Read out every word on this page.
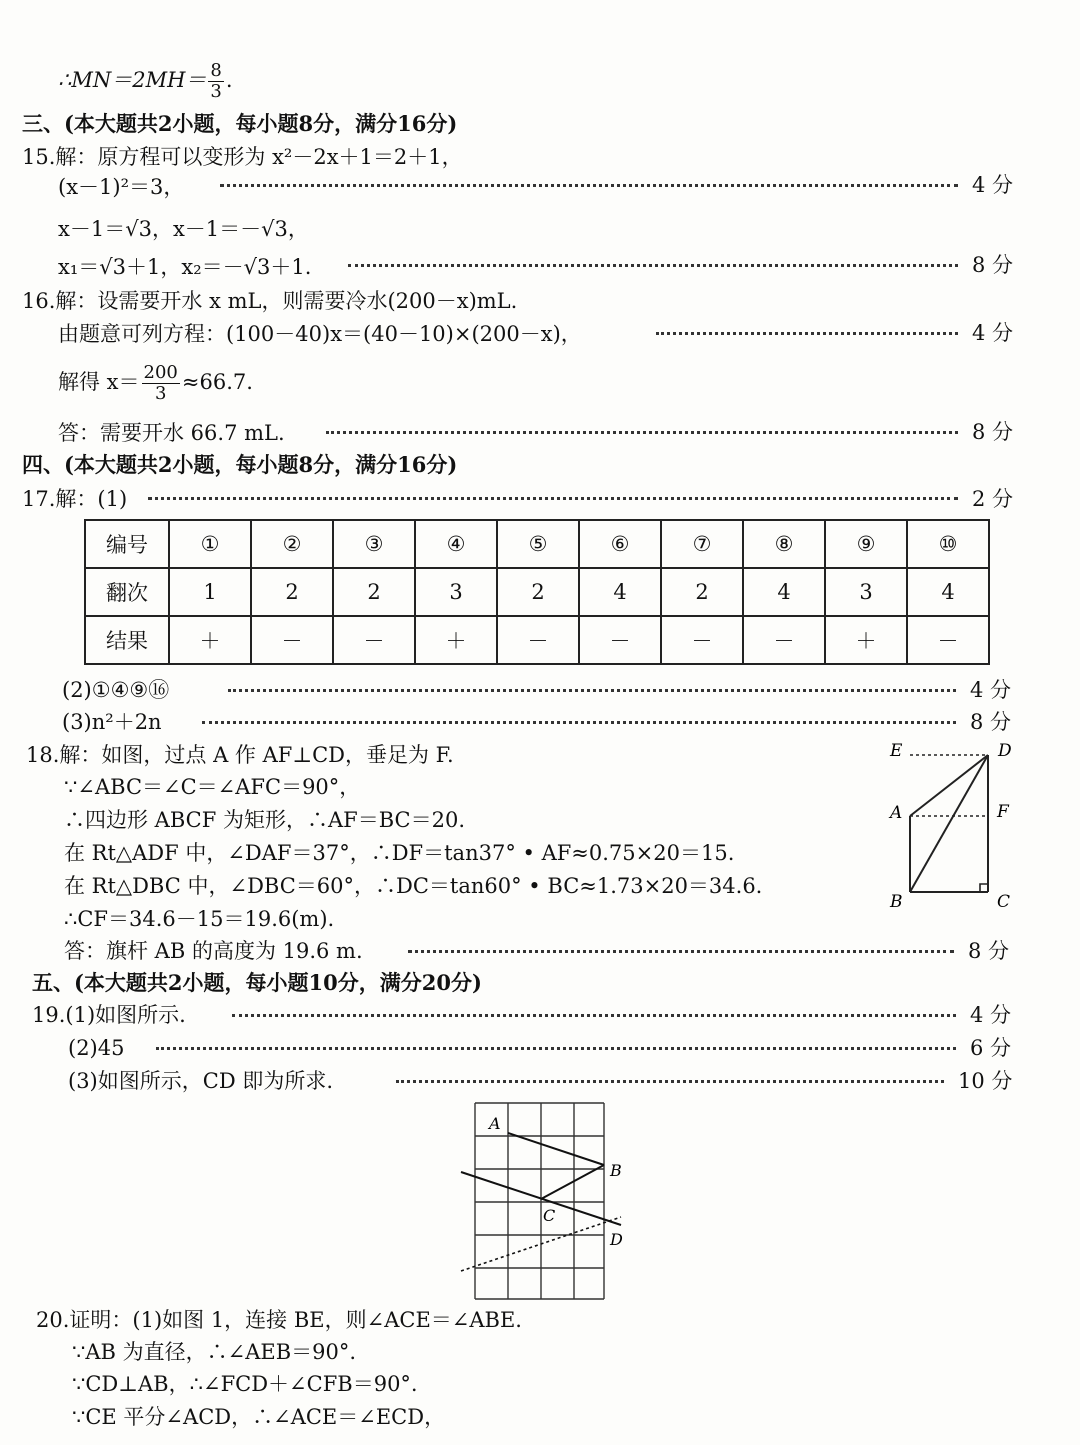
∴MN＝2MH＝ $\frac{8}{3}$ .
三、(本大题共2小题，每小题8分，满分16分)
15.解：原方程可以变形为 x²－2x＋1＝2＋1，
(x－1)²＝3，	4 分
x－1＝√3，x－1＝－√3，
x₁＝√3＋1，x₂＝－√3＋1.	8 分
16.解：设需要开水 x mL，则需要冷水(200－x)mL.
由题意可列方程：(100－40)x＝(40－10)×(200－x)，	4 分
解得 $x= \frac{200}{3} \approx 66.7$.
答：需要开水 66.7 mL.	8 分
四、(本大题共2小题，每小题8分，满分16分)
17.解：(1)	2 分
编号	①	②	③	④	⑤	⑥	⑦	⑧	⑨	⑩
翻次	1	2	2	3	2	4	2	4	3	4
结果	＋	－	－	＋	－	－	－	－	＋	－
(2)①④⑨⑯	4 分
(3)n²＋2n	8 分
18.解：如图，过点 A 作 AF⊥CD，垂足为 F.
∵∠ABC＝∠C＝∠AFC＝90°，
∴四边形 ABCF 为矩形，∴AF＝BC＝20.
在 Rt△ADF 中，∠DAF＝37°，∴DF＝tan37° • AF≈0.75×20＝15.
在 Rt△DBC 中，∠DBC＝60°，∴DC＝tan60° • BC≈1.73×20＝34.6.
∴CF＝34.6－15＝19.6(m).
答：旗杆 AB 的高度为 19.6 m.	8 分
E	D
A	F
B	C
五、(本大题共2小题，每小题10分，满分20分)
19.(1)如图所示.	4 分
(2)45	6 分
(3)如图所示，CD 即为所求.	10 分
A
B
C
D
20.证明：(1)如图 1，连接 BE，则∠ACE＝∠ABE.
∵AB 为直径，∴∠AEB＝90°.
∵CD⊥AB，∴∠FCD＋∠CFB＝90°.
∵CE 平分∠ACD，∴∠ACE＝∠ECD，
